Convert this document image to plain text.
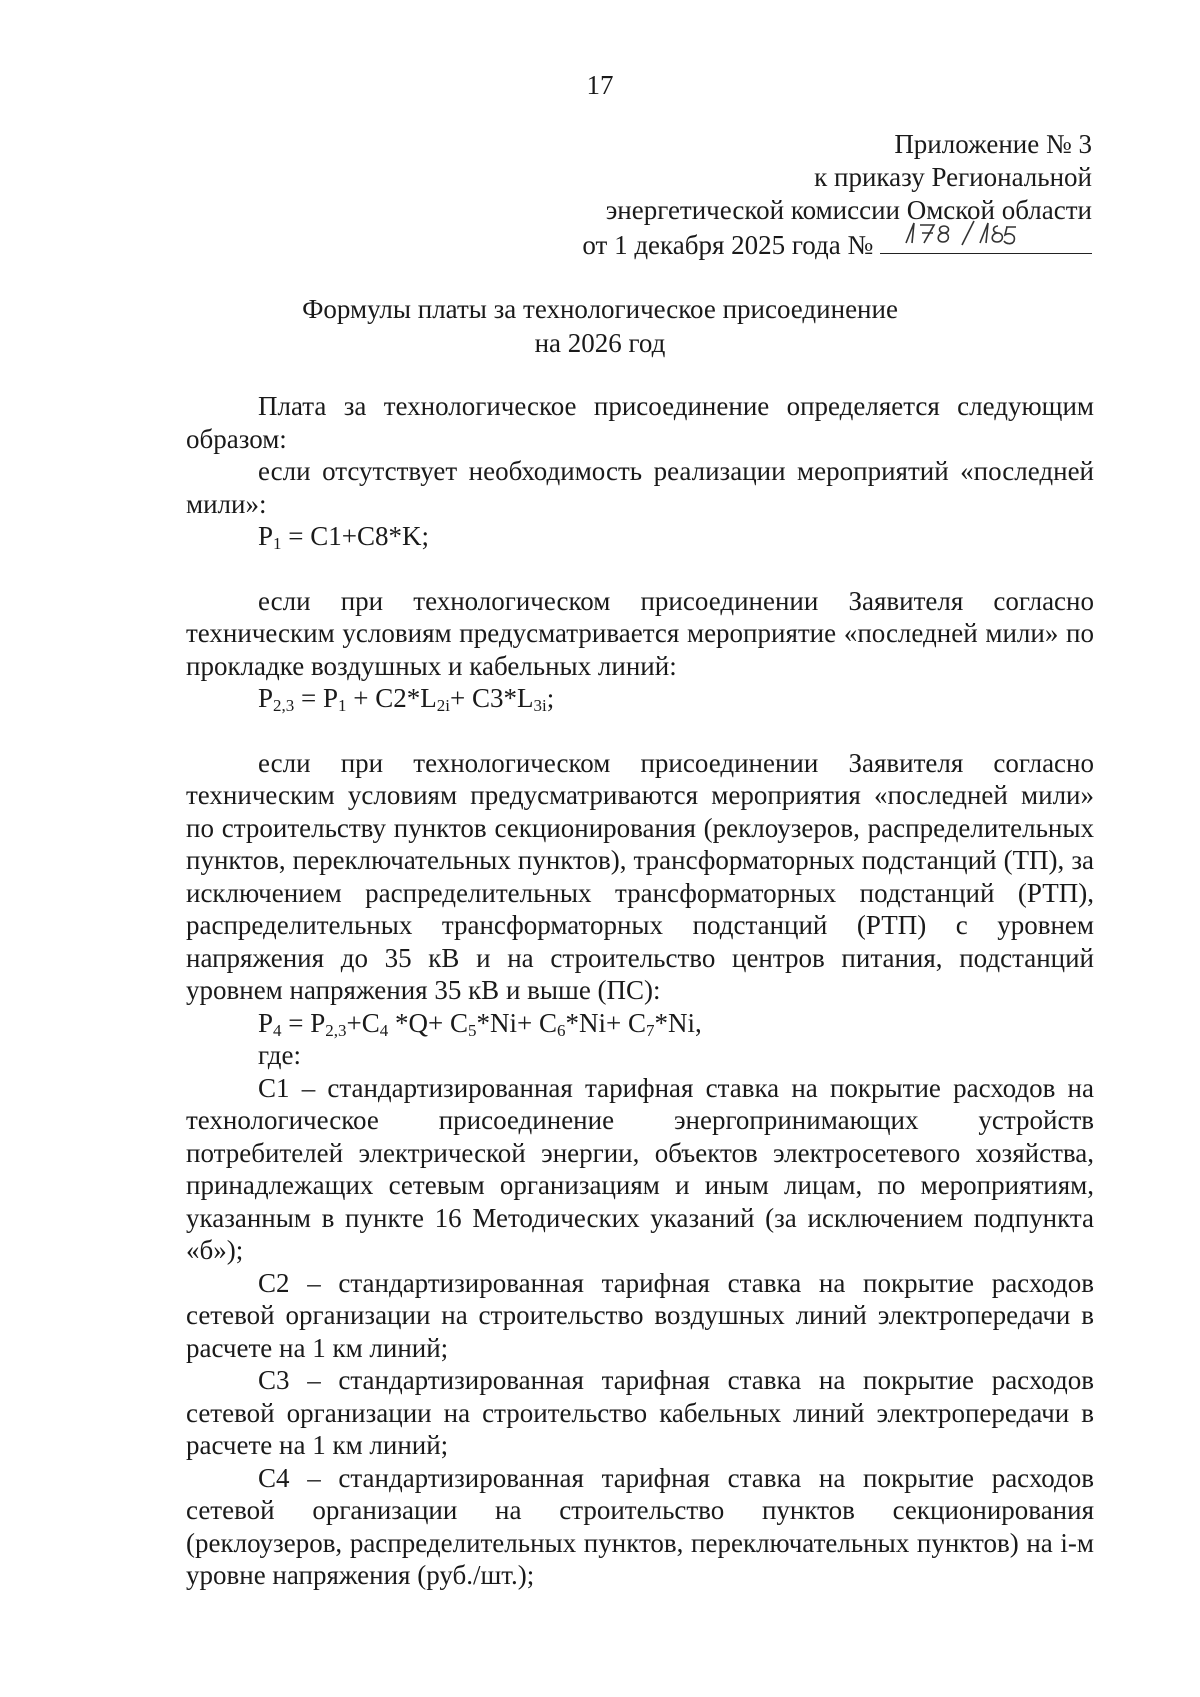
17
Приложение № 3
к приказу Региональной
энергетической комиссии Омской области
от 1 декабря 2025 года №
Формулы платы за технологическое присоединение
на 2026 год

Плата за технологическое присоединение определяется следующим образом:

если отсутствует необходимость реализации мероприятий «последней мили»:

$P_1 = C1+C8*K$;

если при технологическом присоединении Заявителя согласно техническим условиям предусматривается мероприятие «последней мили» по прокладке воздушных и кабельных линий:

$P_{2,3} = P_1 + C2*L_{2i}+ C3*L_{3i}$;

если при технологическом присоединении Заявителя согласно техническим условиям предусматриваются мероприятия «последней мили» по строительству пунктов секционирования (реклоузеров, распределительных пунктов, переключательных пунктов), трансформаторных подстанций (ТП), за исключением распределительных трансформаторных подстанций (РТП), распределительных трансформаторных подстанций (РТП) с уровнем напряжения до 35 кВ и на строительство центров питания, подстанций уровнем напряжения 35 кВ и выше (ПС):

$P_4 = P_{2,3}+C_4$ $*Q+ C_5*Ni+ C_6*Ni+ C_7*Ni$,

где:

С1 – стандартизированная тарифная ставка на покрытие расходов на технологическое присоединение энергопринимающих устройств потребителей электрической энергии, объектов электросетевого хозяйства, принадлежащих сетевым организациям и иным лицам, по мероприятиям, указанным в пункте 16 Методических указаний (за исключением подпункта «б»);

С2 – стандартизированная тарифная ставка на покрытие расходов сетевой организации на строительство воздушных линий электропередачи в расчете на 1 км линий;

С3 – стандартизированная тарифная ставка на покрытие расходов сетевой организации на строительство кабельных линий электропередачи в расчете на 1 км линий;

С4 – стандартизированная тарифная ставка на покрытие расходов сетевой организации на строительство пунктов секционирования (реклоузеров, распределительных пунктов, переключательных пунктов) на i-м уровне напряжения (руб./шт.);
